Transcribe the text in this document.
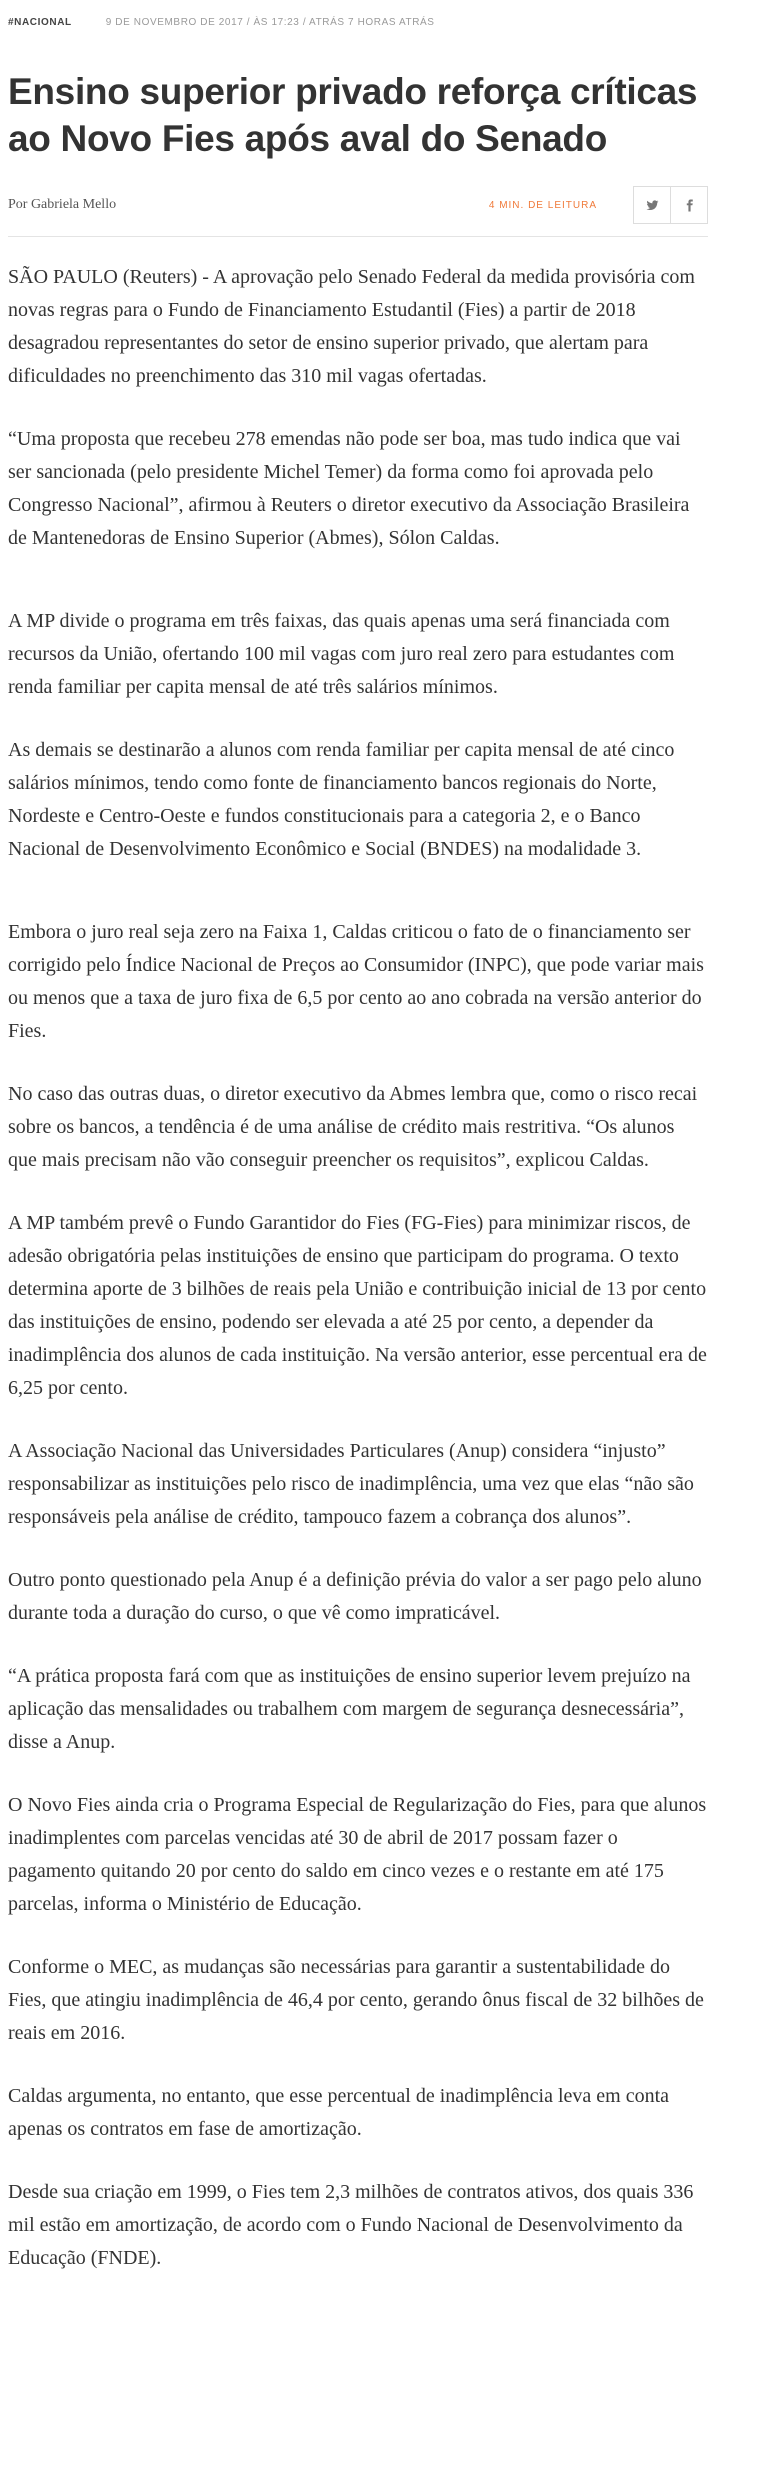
#NACIONAL	9 DE NOVEMBRO DE 2017 / ÀS 17:23 / ATRÁS 7 HORAS ATRÁS
Ensino superior privado reforça críticas ao Novo Fies após aval do Senado
Por Gabriela Mello	4 MIN. DE LEITURA

SÃO PAULO (Reuters) - A aprovação pelo Senado Federal da medida provisória com novas regras para o Fundo de Financiamento Estudantil (Fies) a partir de 2018 desagradou representantes do setor de ensino superior privado, que alertam para dificuldades no preenchimento das 310 mil vagas ofertadas.

“Uma proposta que recebeu 278 emendas não pode ser boa, mas tudo indica que vai ser sancionada (pelo presidente Michel Temer) da forma como foi aprovada pelo Congresso Nacional”, afirmou à Reuters o diretor executivo da Associação Brasileira de Mantenedoras de Ensino Superior (Abmes), Sólon Caldas.

A MP divide o programa em três faixas, das quais apenas uma será financiada com recursos da União, ofertando 100 mil vagas com juro real zero para estudantes com renda familiar per capita mensal de até três salários mínimos.

As demais se destinarão a alunos com renda familiar per capita mensal de até cinco salários mínimos, tendo como fonte de financiamento bancos regionais do Norte, Nordeste e Centro-Oeste e fundos constitucionais para a categoria 2, e o Banco Nacional de Desenvolvimento Econômico e Social (BNDES) na modalidade 3.

Embora o juro real seja zero na Faixa 1, Caldas criticou o fato de o financiamento ser corrigido pelo Índice Nacional de Preços ao Consumidor (INPC), que pode variar mais ou menos que a taxa de juro fixa de 6,5 por cento ao ano cobrada na versão anterior do Fies.

No caso das outras duas, o diretor executivo da Abmes lembra que, como o risco recai sobre os bancos, a tendência é de uma análise de crédito mais restritiva. “Os alunos que mais precisam não vão conseguir preencher os requisitos”, explicou Caldas.

A MP também prevê o Fundo Garantidor do Fies (FG-Fies) para minimizar riscos, de adesão obrigatória pelas instituições de ensino que participam do programa. O texto determina aporte de 3 bilhões de reais pela União e contribuição inicial de 13 por cento das instituições de ensino, podendo ser elevada a até 25 por cento, a depender da inadimplência dos alunos de cada instituição. Na versão anterior, esse percentual era de 6,25 por cento.

A Associação Nacional das Universidades Particulares (Anup) considera “injusto” responsabilizar as instituições pelo risco de inadimplência, uma vez que elas “não são responsáveis pela análise de crédito, tampouco fazem a cobrança dos alunos”.

Outro ponto questionado pela Anup é a definição prévia do valor a ser pago pelo aluno durante toda a duração do curso, o que vê como impraticável.

“A prática proposta fará com que as instituições de ensino superior levem prejuízo na aplicação das mensalidades ou trabalhem com margem de segurança desnecessária”, disse a Anup.

O Novo Fies ainda cria o Programa Especial de Regularização do Fies, para que alunos inadimplentes com parcelas vencidas até 30 de abril de 2017 possam fazer o pagamento quitando 20 por cento do saldo em cinco vezes e o restante em até 175 parcelas, informa o Ministério de Educação.

Conforme o MEC, as mudanças são necessárias para garantir a sustentabilidade do Fies, que atingiu inadimplência de 46,4 por cento, gerando ônus fiscal de 32 bilhões de reais em 2016.

Caldas argumenta, no entanto, que esse percentual de inadimplência leva em conta apenas os contratos em fase de amortização.

Desde sua criação em 1999, o Fies tem 2,3 milhões de contratos ativos, dos quais 336 mil estão em amortização, de acordo com o Fundo Nacional de Desenvolvimento da Educação (FNDE).
